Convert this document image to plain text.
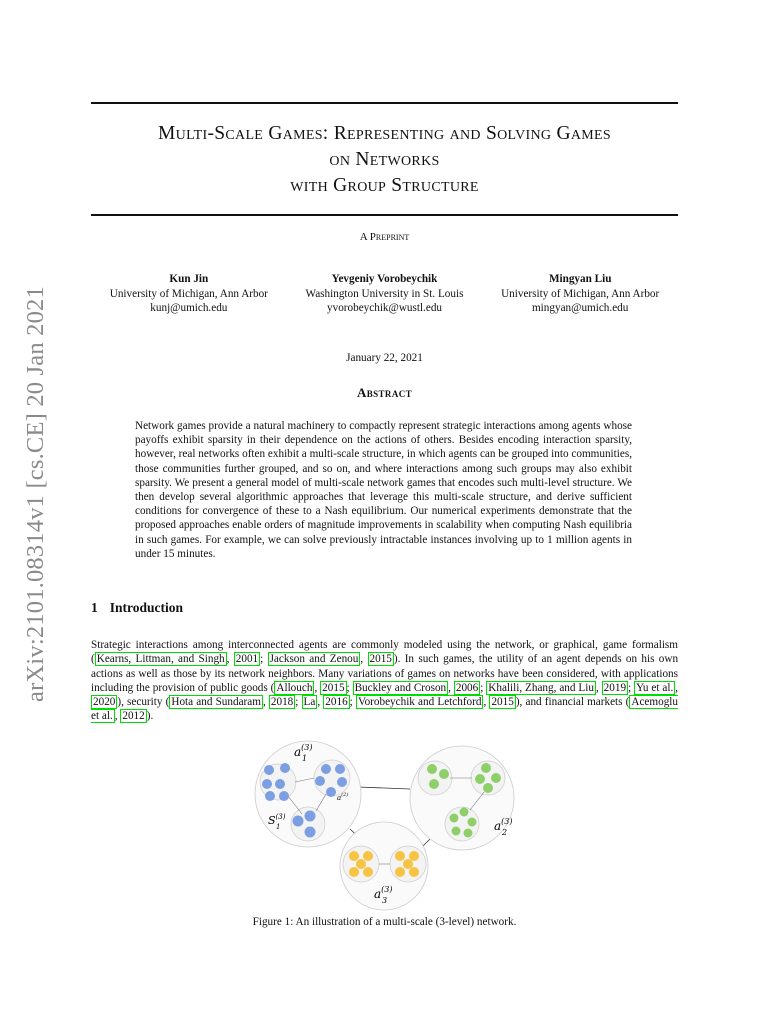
arXiv:2101.08314v1 [cs.CE] 20 Jan 2021
Multi-Scale Games: Representing and Solving Games
on Networks
with Group Structure
A Preprint
Kun Jin
University of Michigan, Ann Arbor
kunj@umich.edu
Yevgeniy Vorobeychik
Washington University in St. Louis
yvorobeychik@wustl.edu
Mingyan Liu
University of Michigan, Ann Arbor
mingyan@umich.edu
January 22, 2021
Abstract
Network games provide a natural machinery to compactly represent strategic interactions among agents whose payoffs exhibit sparsity in their dependence on the actions of others. Besides encoding interaction sparsity, however, real networks often exhibit a multi-scale structure, in which agents can be grouped into communities, those communities further grouped, and so on, and where interactions among such groups may also exhibit sparsity. We present a general model of multi-scale network games that encodes such multi-level structure. We then develop several algorithmic approaches that leverage this multi-scale structure, and derive sufficient conditions for convergence of these to a Nash equilibrium. Our numerical experiments demonstrate that the proposed approaches enable orders of magnitude improvements in scalability when computing Nash equilibria in such games. For example, we can solve previously intractable instances involving up to 1 million agents in under 15 minutes.
1 Introduction
Strategic interactions among interconnected agents are commonly modeled using the network, or graphical, game formalism ( Kearns, Littman, and Singh , 2001 ; Jackson and Zenou , 2015 ). In such games, the utility of an agent depends on his own actions as well as those by its network neighbors. Many variations of games on networks have been considered, with applications including the provision of public goods ( Allouch , 2015 ; Buckley and Croson , 2006 ; Khalili, Zhang, and Liu , 2019 ; Yu et al. , 2020 ), security ( Hota and Sundaram , 2018 ; La , 2016 ; Vorobeychik and Letchford , 2015 ), and financial markets ( Acemoglu et al. , 2012 ).
$a^{(3)}$
1
$S^{(3)}$
1
$a^{(2)}$
$a^{(3)}$
2
$a^{(3)}$
3
Figure 1: An illustration of a multi-scale (3-level) network.
